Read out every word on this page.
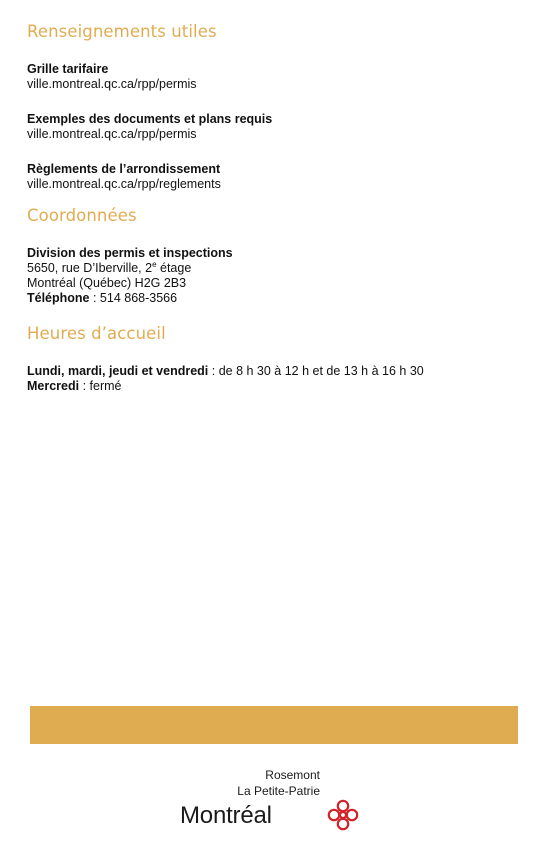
Renseignements utiles
Grille tarifaire
ville.montreal.qc.ca/rpp/permis
Exemples des documents et plans requis
ville.montreal.qc.ca/rpp/permis
Règlements de l’arrondissement
ville.montreal.qc.ca/rpp/reglements
Coordonnées
Division des permis et inspections
5650, rue D’Iberville, 2e étage
Montréal (Québec) H2G 2B3
Téléphone : 514 868-3566
Heures d’accueil
Lundi, mardi, jeudi et vendredi : de 8 h 30 à 12 h et de 13 h à 16 h 30
Mercredi : fermé
Rosemont
La Petite-Patrie
Montréal
